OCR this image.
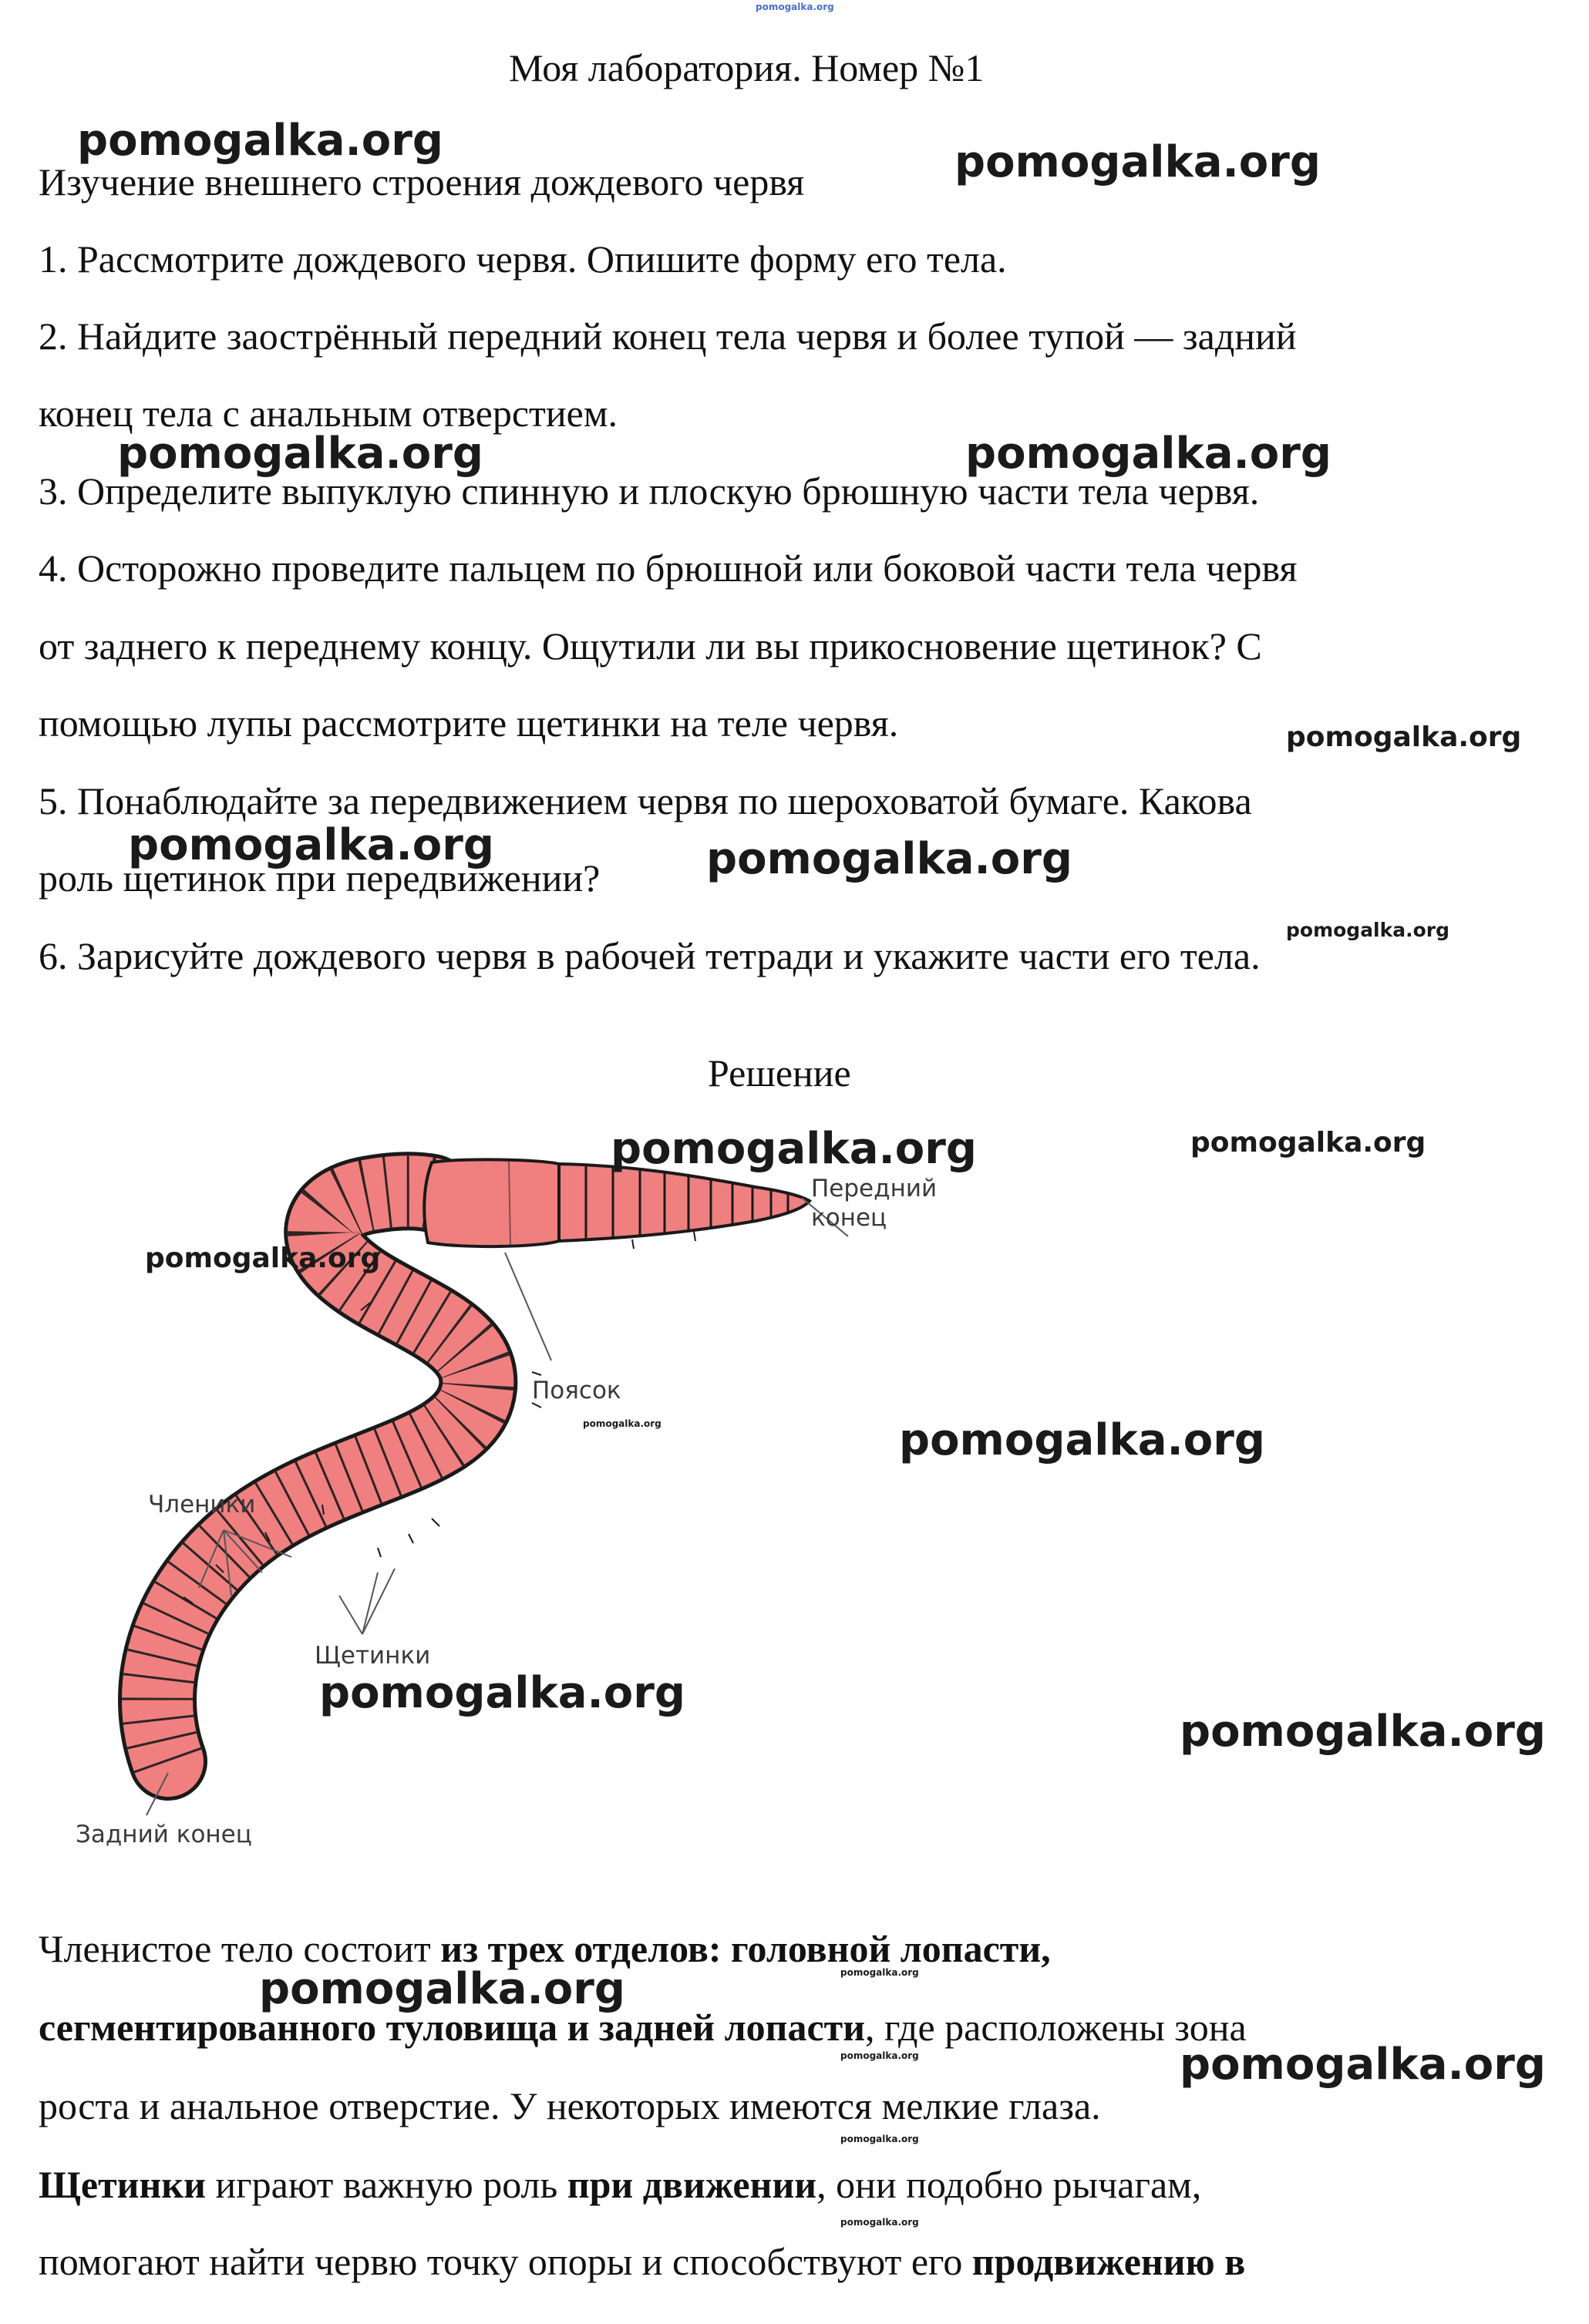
pomogalka.org
Моя лаборатория. Номер №1
Изучение внешнего строения дождевого червя
1. Рассмотрите дождевого червя. Опишите форму его тела.
2. Найдите заострённый передний конец тела червя и более тупой — задний
конец тела с анальным отверстием.
3. Определите выпуклую спинную и плоскую брюшную части тела червя.
4. Осторожно проведите пальцем по брюшной или боковой части тела червя
от заднего к переднему концу. Ощутили ли вы прикосновение щетинок? С
помощью лупы рассмотрите щетинки на теле червя.
5. Понаблюдайте за передвижением червя по шероховатой бумаге. Какова
роль щетинок при передвижении?
6. Зарисуйте дождевого червя в рабочей тетради и укажите части его тела.
Решение
Передний
конец
Поясок
Членики
Щетинки
Задний конец
Членистое тело состоит из трех отделов: головной лопасти,
сегментированного туловища и задней лопасти, где расположены зона
роста и анальное отверстие. У некоторых имеются мелкие глаза.
Щетинки играют важную роль при движении, они подобно рычагам,
помогают найти червю точку опоры и способствуют его продвижению в
pomogalka.org	pomogalka.org
pomogalka.org	pomogalka.org
pomogalka.org
pomogalka.org	pomogalka.org
pomogalka.org
pomogalka.org	pomogalka.org
pomogalka.org
pomogalka.org	pomogalka.org
pomogalka.org
pomogalka.org
pomogalka.org
pomogalka.org
pomogalka.org	pomogalka.org
pomogalka.org
pomogalka.org
